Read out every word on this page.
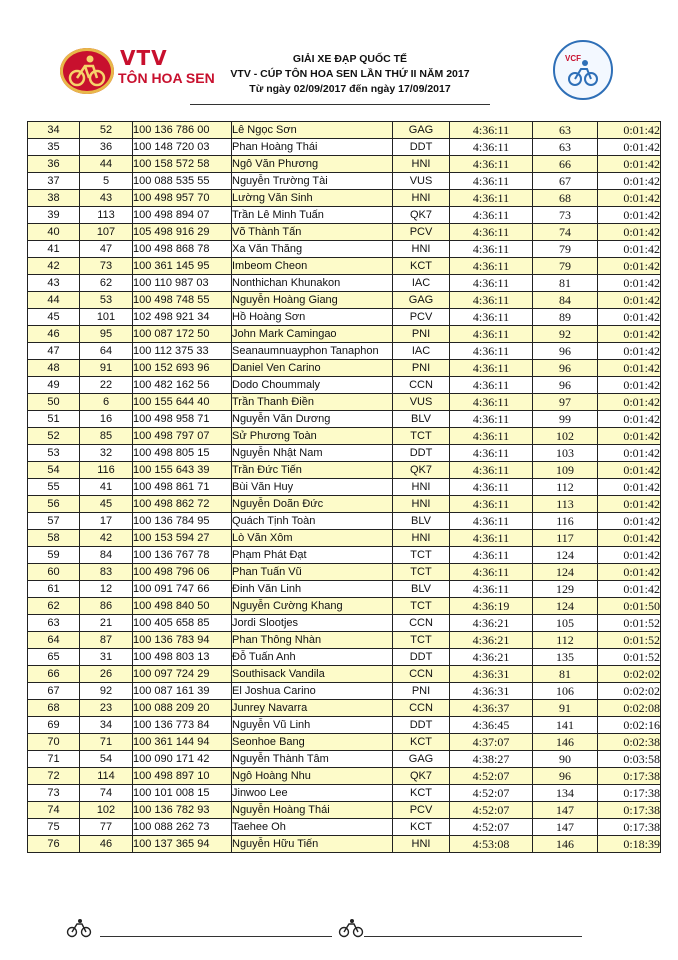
VTV
TÔN HOA SEN
GIẢI XE ĐẠP QUỐC TẾ
VTV - CÚP TÔN HOA SEN LẦN THỨ II NĂM 2017
Từ ngày 02/09/2017 đến ngày 17/09/2017
VCF
34	52	100 136 786 00	Lê Ngọc Sơn	GAG	4:36:11	63	0:01:42
35	36	100 148 720 03	Phan Hoàng Thái	DDT	4:36:11	63	0:01:42
36	44	100 158 572 58	Ngô Văn Phương	HNI	4:36:11	66	0:01:42
37	5	100 088 535 55	Nguyễn Trường Tài	VUS	4:36:11	67	0:01:42
38	43	100 498 957 70	Lường Văn Sinh	HNI	4:36:11	68	0:01:42
39	113	100 498 894 07	Trần Lê Minh Tuấn	QK7	4:36:11	73	0:01:42
40	107	105 498 916 29	Võ Thành Tấn	PCV	4:36:11	74	0:01:42
41	47	100 498 868 78	Xa Văn Thăng	HNI	4:36:11	79	0:01:42
42	73	100 361 145 95	Imbeom Cheon	KCT	4:36:11	79	0:01:42
43	62	100 110 987 03	Nonthichan Khunakon	IAC	4:36:11	81	0:01:42
44	53	100 498 748 55	Nguyễn Hoàng Giang	GAG	4:36:11	84	0:01:42
45	101	102 498 921 34	Hồ Hoàng Sơn	PCV	4:36:11	89	0:01:42
46	95	100 087 172 50	John Mark Camingao	PNI	4:36:11	92	0:01:42
47	64	100 112 375 33	Seanaumnuayphon Tanaphon	IAC	4:36:11	96	0:01:42
48	91	100 152 693 96	Daniel Ven Carino	PNI	4:36:11	96	0:01:42
49	22	100 482 162 56	Dodo Choummaly	CCN	4:36:11	96	0:01:42
50	6	100 155 644 40	Trần Thanh Điền	VUS	4:36:11	97	0:01:42
51	16	100 498 958 71	Nguyễn Văn Dương	BLV	4:36:11	99	0:01:42
52	85	100 498 797 07	Sử Phương Toàn	TCT	4:36:11	102	0:01:42
53	32	100 498 805 15	Nguyễn Nhật Nam	DDT	4:36:11	103	0:01:42
54	116	100 155 643 39	Trần Đức Tiến	QK7	4:36:11	109	0:01:42
55	41	100 498 861 71	Bùi Văn Huy	HNI	4:36:11	112	0:01:42
56	45	100 498 862 72	Nguyễn Doãn Đức	HNI	4:36:11	113	0:01:42
57	17	100 136 784 95	Quách Tịnh Toàn	BLV	4:36:11	116	0:01:42
58	42	100 153 594 27	Lò Văn Xôm	HNI	4:36:11	117	0:01:42
59	84	100 136 767 78	Phạm Phát Đạt	TCT	4:36:11	124	0:01:42
60	83	100 498 796 06	Phan Tuấn Vũ	TCT	4:36:11	124	0:01:42
61	12	100 091 747 66	Đinh Văn Linh	BLV	4:36:11	129	0:01:42
62	86	100 498 840 50	Nguyễn Cường Khang	TCT	4:36:19	124	0:01:50
63	21	100 405 658 85	Jordi Slootjes	CCN	4:36:21	105	0:01:52
64	87	100 136 783 94	Phan Thông Nhàn	TCT	4:36:21	112	0:01:52
65	31	100 498 803 13	Đỗ Tuấn Anh	DDT	4:36:21	135	0:01:52
66	26	100 097 724 29	Southisack Vandila	CCN	4:36:31	81	0:02:02
67	92	100 087 161 39	El Joshua Carino	PNI	4:36:31	106	0:02:02
68	23	100 088 209 20	Junrey Navarra	CCN	4:36:37	91	0:02:08
69	34	100 136 773 84	Nguyễn Vũ Linh	DDT	4:36:45	141	0:02:16
70	71	100 361 144 94	Seonhoe Bang	KCT	4:37:07	146	0:02:38
71	54	100 090 171 42	Nguyễn Thành Tâm	GAG	4:38:27	90	0:03:58
72	114	100 498 897 10	Ngô Hoàng Nhu	QK7	4:52:07	96	0:17:38
73	74	100 101 008 15	Jinwoo Lee	KCT	4:52:07	134	0:17:38
74	102	100 136 782 93	Nguyễn Hoàng Thái	PCV	4:52:07	147	0:17:38
75	77	100 088 262 73	Taehee Oh	KCT	4:52:07	147	0:17:38
76	46	100 137 365 94	Nguyễn Hữu Tiến	HNI	4:53:08	146	0:18:39
